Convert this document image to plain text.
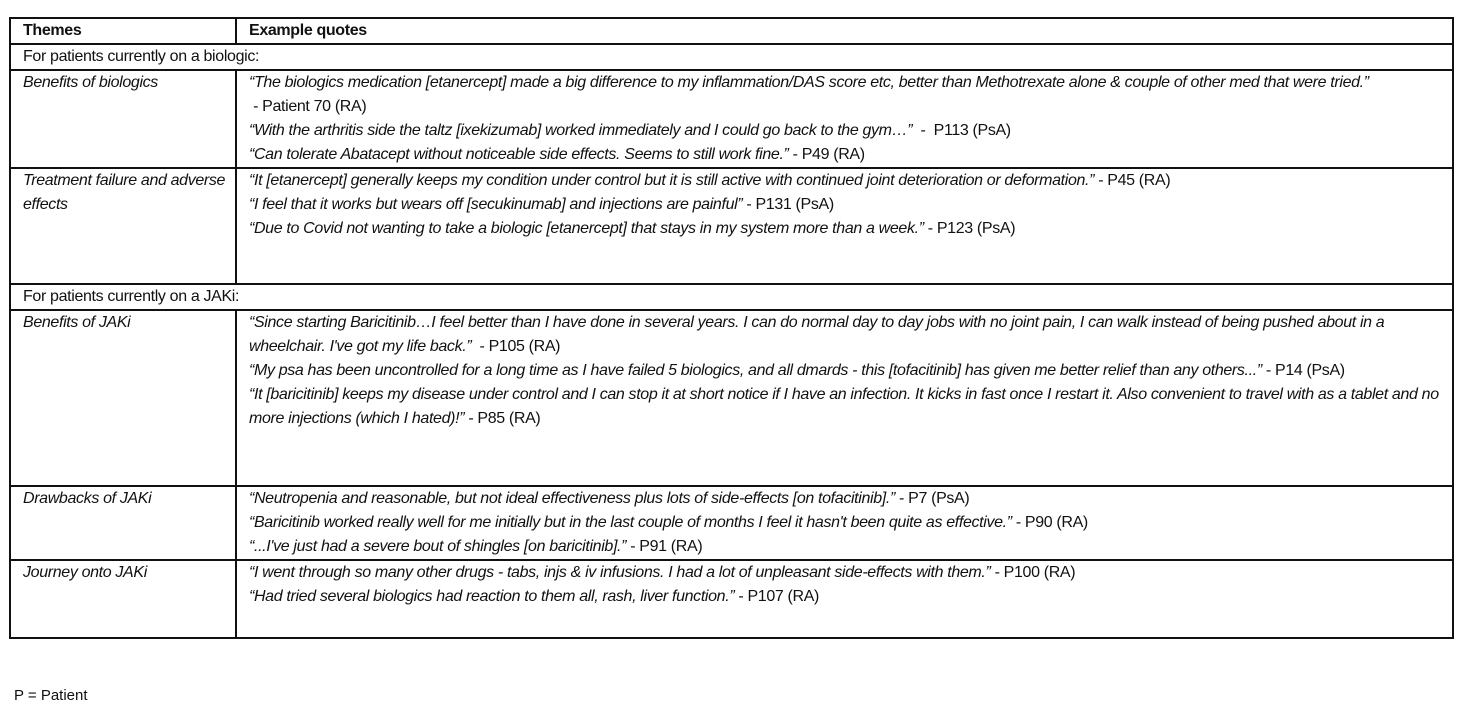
Themes	Example quotes
For patients currently on a biologic:	
Benefits of biologics	“The biologics medication [etanercept] made a big difference to my inflammation/DAS score etc, better than Methotrexate alone & couple of other med that were tried.” - Patient 70 (RA)
“With the arthritis side the taltz [ixekizumab] worked immediately and I could go back to the gym…”  -  P113 (PsA)
“Can tolerate Abatacept without noticeable side effects. Seems to still work fine.” - P49 (RA)

Treatment failure and adverse effects	“It [etanercept] generally keeps my condition under control but it is still active with continued joint deterioration or deformation.” - P45 (RA)
“I feel that it works but wears off [secukinumab] and injections are painful” - P131 (PsA)
“Due to Covid not wanting to take a biologic [etanercept] that stays in my system more than a week.” - P123 (PsA)

For patients currently on a JAKi:	
Benefits of JAKi	“Since starting Baricitinib…I feel better than I have done in several years. I can do normal day to day jobs with no joint pain, I can walk instead of being pushed about in a wheelchair. I've got my life back.”  - P105 (RA)
“My psa has been uncontrolled for a long time as I have failed 5 biologics, and all dmards - this [tofacitinib] has given me better relief than any others...” - P14 (PsA)
“It [baricitinib] keeps my disease under control and I can stop it at short notice if I have an infection. It kicks in fast once I restart it. Also convenient to travel with as a tablet and no more injections (which I hated)!” - P85 (RA)

Drawbacks of JAKi	“Neutropenia and reasonable, but not ideal effectiveness plus lots of side-effects [on tofacitinib].” - P7 (PsA)
“Baricitinib worked really well for me initially but in the last couple of months I feel it hasn't been quite as effective.” - P90 (RA)
“...I've just had a severe bout of shingles [on baricitinib].” - P91 (RA)

Journey onto JAKi	“I went through so many other drugs - tabs, injs & iv infusions. I had a lot of unpleasant side-effects with them.” - P100 (RA)
“Had tried several biologics had reaction to them all, rash, liver function.” - P107 (RA)
P = Patient
